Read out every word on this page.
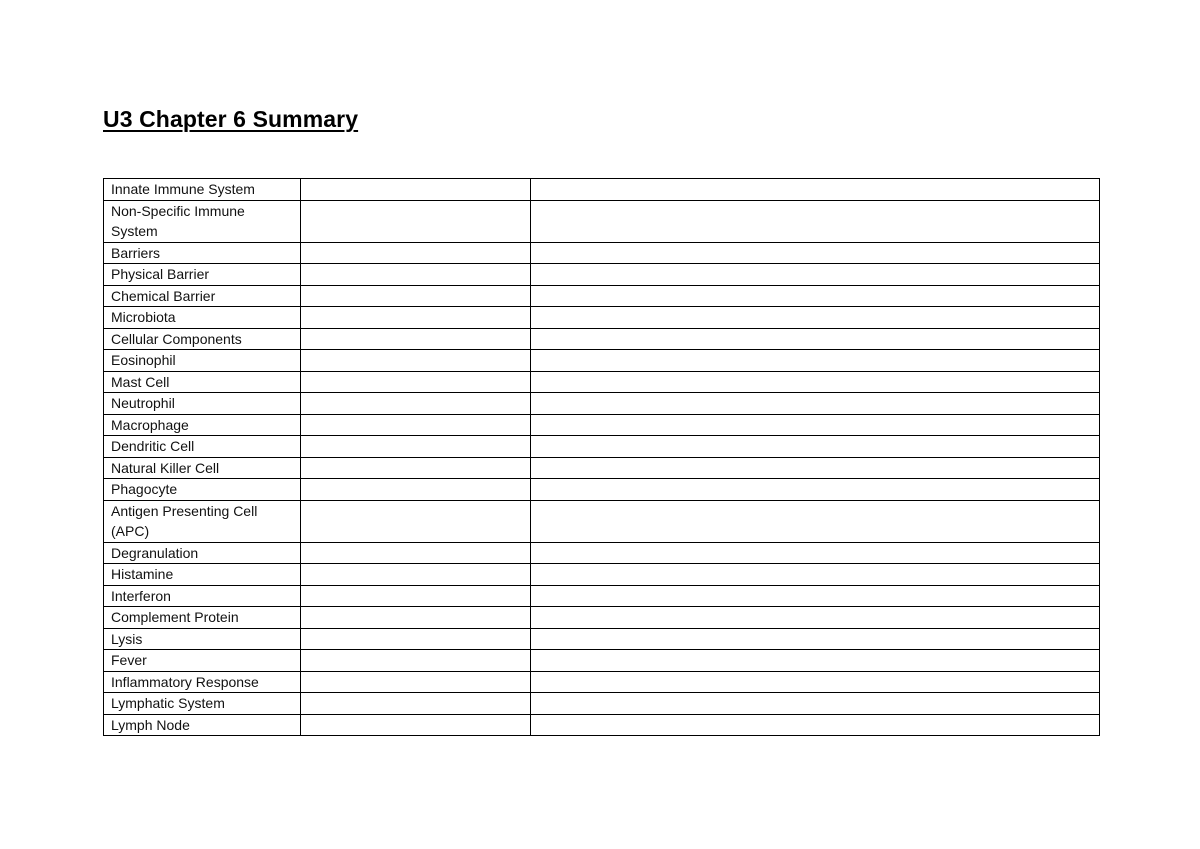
U3 Chapter 6 Summary
Innate Immune System		
Non-Specific Immune System		
Barriers		
Physical Barrier		
Chemical Barrier		
Microbiota		
Cellular Components		
Eosinophil		
Mast Cell		
Neutrophil		
Macrophage		
Dendritic Cell		
Natural Killer Cell		
Phagocyte		
Antigen Presenting Cell (APC)		
Degranulation		
Histamine		
Interferon		
Complement Protein		
Lysis		
Fever		
Inflammatory Response		
Lymphatic System		
Lymph Node		
